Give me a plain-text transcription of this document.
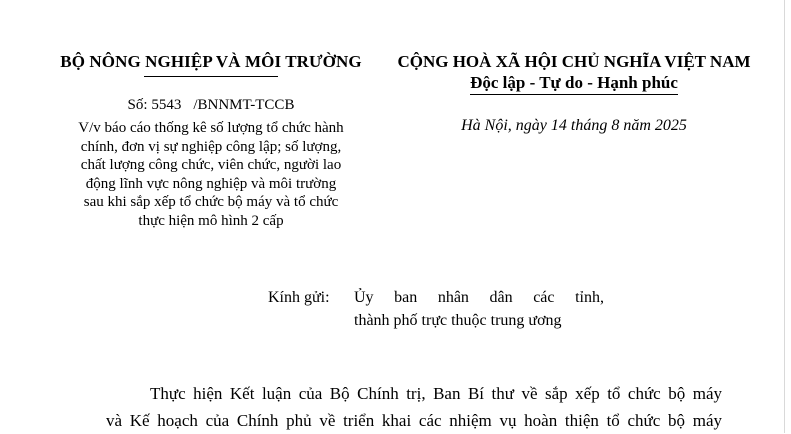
BỘ NÔNG NGHIỆP VÀ MÔI TRƯỜNG
Số: 5543 /BNNMT-TCCB
V/v báo cáo thống kê số lượng tổ chức hành
chính, đơn vị sự nghiệp công lập; số lượng,
chất lượng công chức, viên chức, người lao
động lĩnh vực nông nghiệp và môi trường
sau khi sắp xếp tổ chức bộ máy và tổ chức
thực hiện mô hình 2 cấp
CỘNG HOÀ XÃ HỘI CHỦ NGHĨA VIỆT NAM
Độc lập - Tự do - Hạnh phúc
Hà Nội, ngày 14 tháng 8 năm 2025
Kính gửi:	Ủy ban nhân dân các tỉnh,
thành phố trực thuộc trung ương

Thực hiện Kết luận của Bộ Chính trị, Ban Bí thư về sắp xếp tổ chức bộ máy

và Kế hoạch của Chính phủ về triển khai các nhiệm vụ hoàn thiện tổ chức bộ máy
